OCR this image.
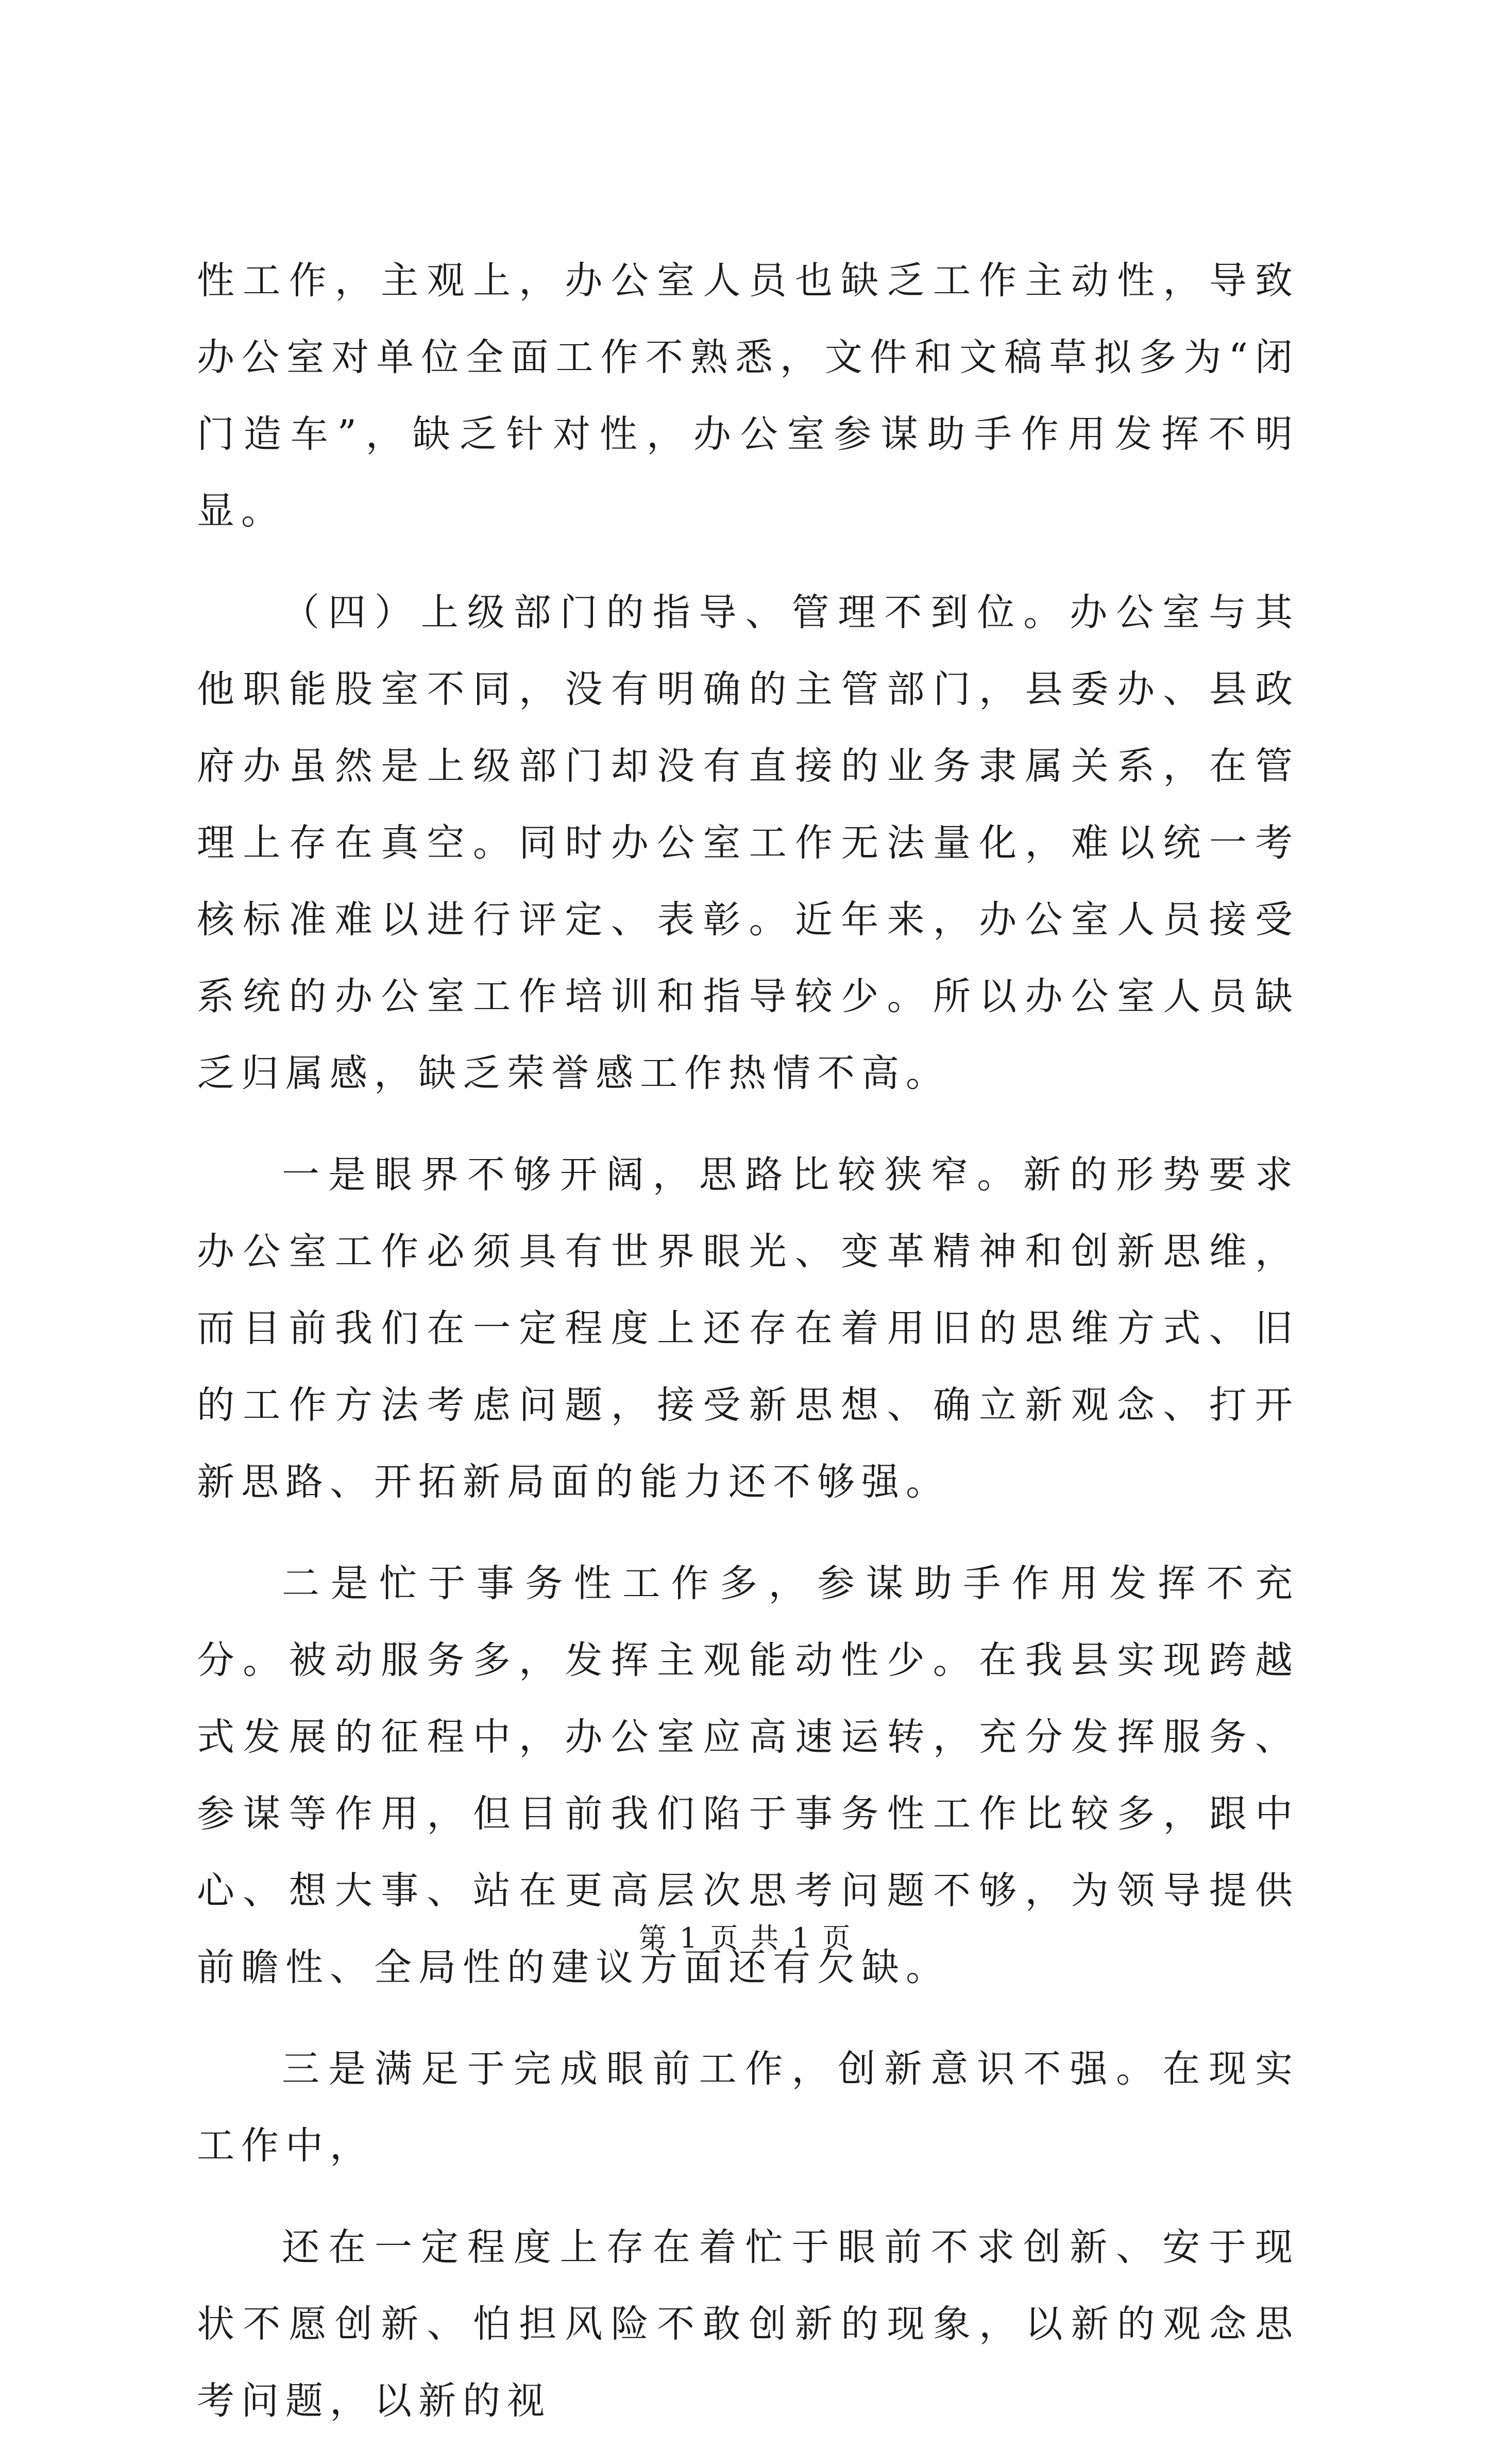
性工作，主观上，办公室人员也缺乏工作主动性，导致办公室对单位全面工作不熟悉，文件和文稿草拟多为“闭门造车”，缺乏针对性，办公室参谋助手作用发挥不明显。

（四）上级部门的指导、管理不到位。办公室与其他职能股室不同，没有明确的主管部门，县委办、县政府办虽然是上级部门却没有直接的业务隶属关系，在管理上存在真空。同时办公室工作无法量化，难以统一考核标准难以进行评定、表彰。近年来，办公室人员接受系统的办公室工作培训和指导较少。所以办公室人员缺乏归属感，缺乏荣誉感工作热情不高。

一是眼界不够开阔，思路比较狭窄。新的形势要求办公室工作必须具有世界眼光、变革精神和创新思维，而目前我们在一定程度上还存在着用旧的思维方式、旧的工作方法考虑问题，接受新思想、确立新观念、打开新思路、开拓新局面的能力还不够强。

二是忙于事务性工作多，参谋助手作用发挥不充分。被动服务多，发挥主观能动性少。在我县实现跨越式发展的征程中，办公室应高速运转，充分发挥服务、参谋等作用，但目前我们陷于事务性工作比较多，跟中心、想大事、站在更高层次思考问题不够，为领导提供前瞻性、全局性的建议方面还有欠缺。

三是满足于完成眼前工作，创新意识不强。在现实工作中，

还在一定程度上存在着忙于眼前不求创新、安于现状不愿创新、怕担风险不敢创新的现象，以新的观念思考问题，以新的视

第 1 页 共 1 页
